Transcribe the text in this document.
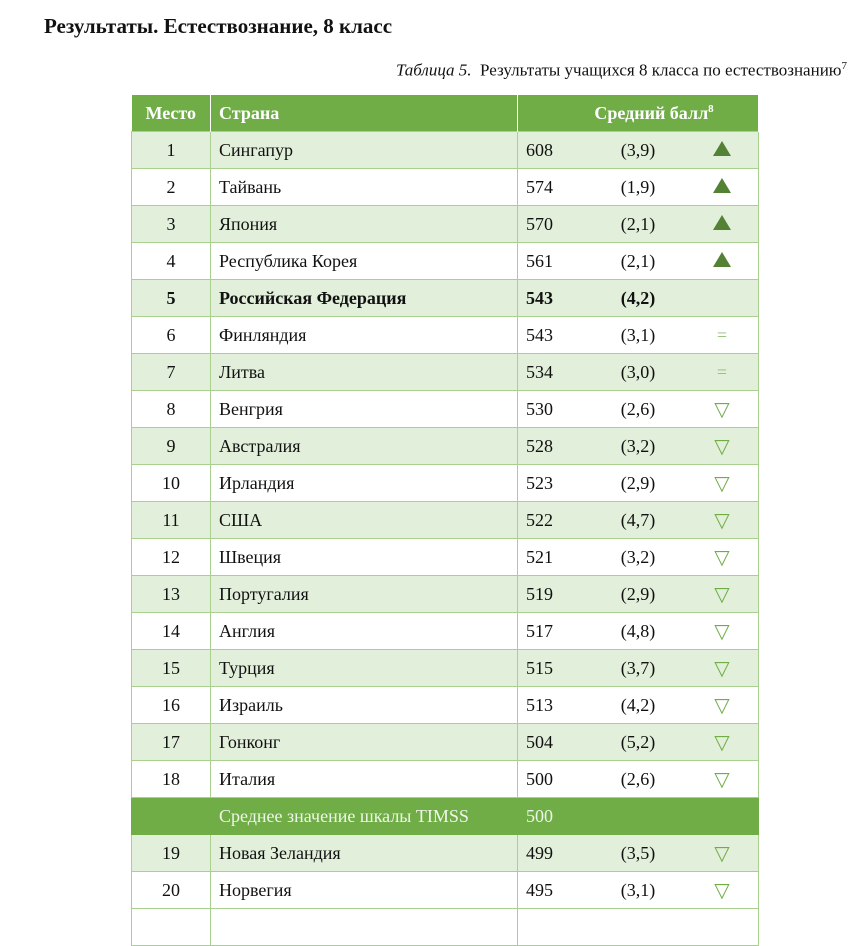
Результаты. Естествознание, 8 класс
Таблица 5. Результаты учащихся 8 класса по естествознанию$^7$
Место	Страна	Средний балл$^8$
1	Сингапур	608	(3,9)	
2	Тайвань	574	(1,9)	
3	Япония	570	(2,1)	
4	Республика Корея	561	(2,1)	
5	Российская Федерация	543	(4,2)	
6	Финляндия	543	(3,1)	=
7	Литва	534	(3,0)	=
8	Венгрия	530	(2,6)	▽
9	Австралия	528	(3,2)	▽
10	Ирландия	523	(2,9)	▽
11	США	522	(4,7)	▽
12	Швеция	521	(3,2)	▽
13	Португалия	519	(2,9)	▽
14	Англия	517	(4,8)	▽
15	Турция	515	(3,7)	▽
16	Израиль	513	(4,2)	▽
17	Гонконг	504	(5,2)	▽
18	Италия	500	(2,6)	▽
	Среднее значение шкалы TIMSS	500		
19	Новая Зеландия	499	(3,5)	▽
20	Норвегия	495	(3,1)	▽
